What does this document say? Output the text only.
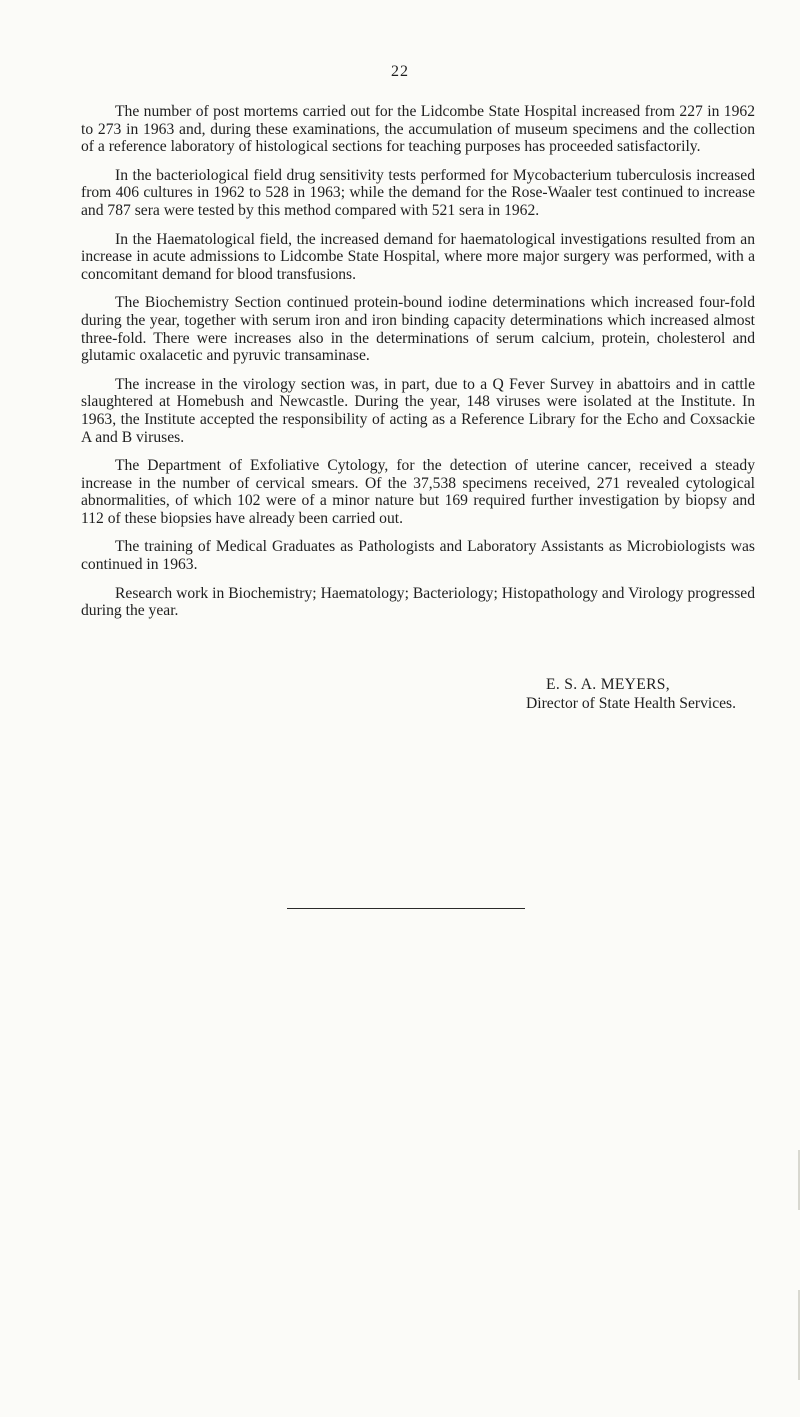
22

The number of post mortems carried out for the Lidcombe State Hospital increased from 227 in 1962 to 273 in 1963 and, during these examinations, the accumulation of museum specimens and the collection of a reference laboratory of histological sections for teaching purposes has proceeded satisfactorily.

In the bacteriological field drug sensitivity tests performed for Mycobacterium tuberculosis increased from 406 cultures in 1962 to 528 in 1963; while the demand for the Rose-Waaler test continued to increase and 787 sera were tested by this method compared with 521 sera in 1962.

In the Haematological field, the increased demand for haematological investigations resulted from an increase in acute admissions to Lidcombe State Hospital, where more major surgery was performed, with a concomitant demand for blood transfusions.

The Biochemistry Section continued protein-bound iodine determinations which increased four-fold during the year, together with serum iron and iron binding capacity determinations which increased almost three-fold. There were increases also in the determinations of serum calcium, protein, cholesterol and glutamic oxalacetic and pyruvic transaminase.

The increase in the virology section was, in part, due to a Q Fever Survey in abattoirs and in cattle slaughtered at Homebush and Newcastle. During the year, 148 viruses were isolated at the Institute. In 1963, the Institute accepted the responsibility of acting as a Reference Library for the Echo and Coxsackie A and B viruses.

The Department of Exfoliative Cytology, for the detection of uterine cancer, received a steady increase in the number of cervical smears. Of the 37,538 specimens received, 271 revealed cytological abnormalities, of which 102 were of a minor nature but 169 required further investigation by biopsy and 112 of these biopsies have already been carried out.

The training of Medical Graduates as Pathologists and Laboratory Assistants as Microbiologists was continued in 1963.

Research work in Biochemistry; Haematology; Bacteriology; Histopathology and Virology progressed during the year.

E. S. A. MEYERS,
Director of State Health Services.
